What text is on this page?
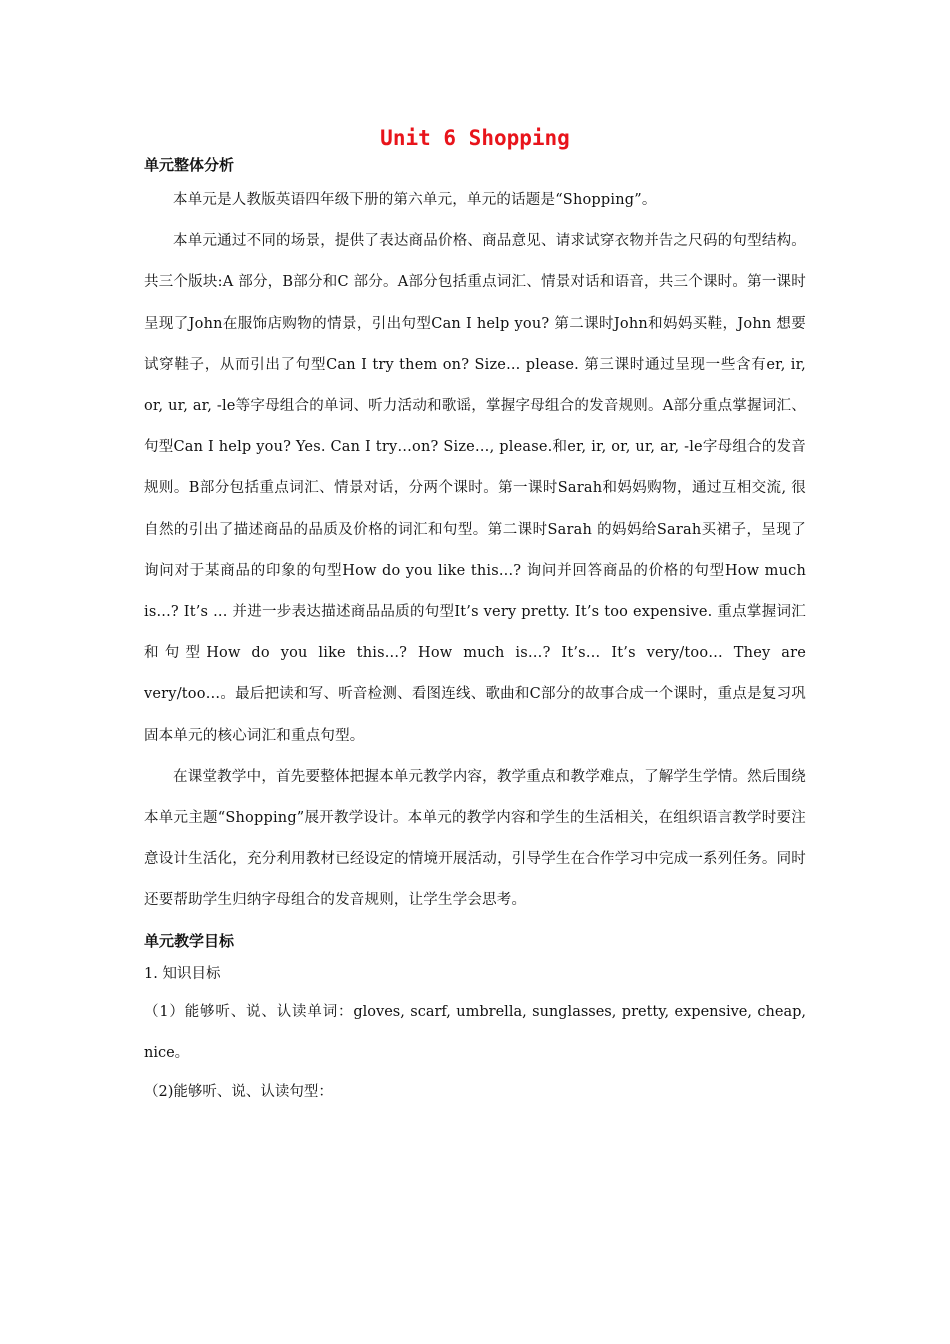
Unit 6 Shopping
单元整体分析

本单元是人教版英语四年级下册的第六单元，单元的话题是“Shopping”。

本单元通过不同的场景，提供了表达商品价格、商品意见、请求试穿衣物并告之尺码的句型结构。共三个版块:A 部分，B部分和C 部分。A部分包括重点词汇、情景对话和语音，共三个课时。第一课时呈现了John在服饰店购物的情景，引出句型Can I help you? 第二课时John和妈妈买鞋，John 想要试穿鞋子，从而引出了句型Can I try them on? Size... please. 第三课时通过呈现一些含有er, ir, or, ur, ar, -le等字母组合的单词、听力活动和歌谣，掌握字母组合的发音规则。A部分重点掌握词汇、句型Can I help you? Yes. Can I try…on? Size…, please.和er, ir, or, ur, ar, -le字母组合的发音规则。B部分包括重点词汇、情景对话，分两个课时。第一课时Sarah和妈妈购物，通过互相交流, 很自然的引出了描述商品的品质及价格的词汇和句型。第二课时Sarah 的妈妈给Sarah买裙子，呈现了询问对于某商品的印象的句型How do you like this...? 询问并回答商品的价格的句型How much is...? It’s ... 并进一步表达描述商品品质的句型It’s very pretty. It’s too expensive. 重点掌握词汇和句型How do you like this...? How much is…? It’s… It’s very/too… They are very/too…。最后把读和写、听音检测、看图连线、歌曲和C部分的故事合成一个课时，重点是复习巩固本单元的核心词汇和重点句型。

在课堂教学中，首先要整体把握本单元教学内容，教学重点和教学难点，了解学生学情。然后围绕本单元主题“Shopping”展开教学设计。本单元的教学内容和学生的生活相关，在组织语言教学时要注意设计生活化，充分利用教材已经设定的情境开展活动，引导学生在合作学习中完成一系列任务。同时还要帮助学生归纳字母组合的发音规则，让学生学会思考。

单元教学目标

1. 知识目标

（1）能够听、说、认读单词：gloves, scarf, umbrella, sunglasses, pretty, expensive, cheap, nice。

（2)能够听、说、认读句型：
